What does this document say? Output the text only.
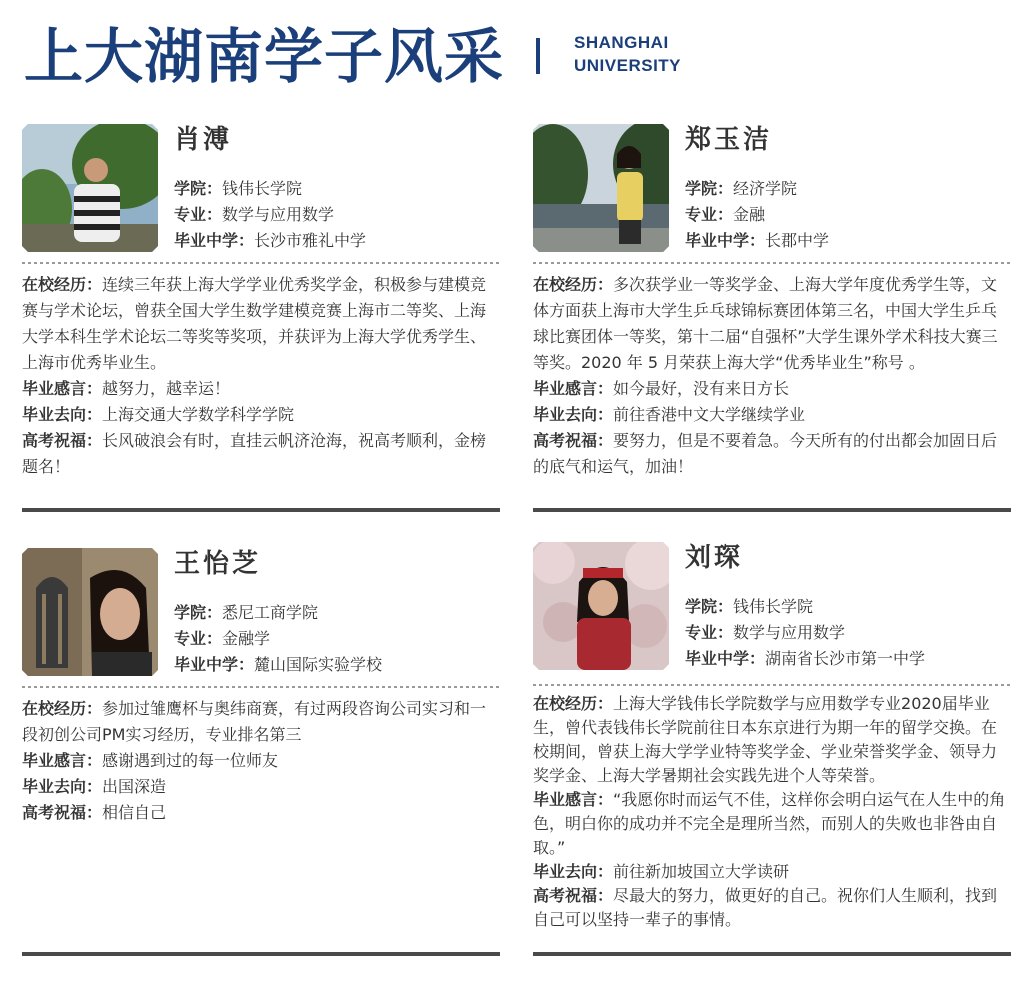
上大湖南学子风采	SHANGHAI
UNIVERSITY
肖溥
学院：钱伟长学院
专业：数学与应用数学
毕业中学：长沙市雅礼中学

在校经历：连续三年获上海大学学业优秀奖学金，积极参与建模竞赛与学术论坛，曾获全国大学生数学建模竞赛上海市二等奖、上海大学本科生学术论坛二等奖等奖项，并获评为上海大学优秀学生、上海市优秀毕业生。

毕业感言：越努力，越幸运！

毕业去向：上海交通大学数学科学学院

高考祝福：长风破浪会有时，直挂云帆济沧海，祝高考顺利，金榜题名！

郑玉洁
学院：经济学院
专业：金融
毕业中学：长郡中学

在校经历：多次获学业一等奖学金、上海大学年度优秀学生等，文体方面获上海市大学生乒乓球锦标赛团体第三名，中国大学生乒乓球比赛团体一等奖，第十二届“自强杯”大学生课外学术科技大赛三等奖。2020 年 5 月荣获上海大学“优秀毕业生”称号 。

毕业感言：如今最好，没有来日方长

毕业去向：前往香港中文大学继续学业

高考祝福：要努力，但是不要着急。今天所有的付出都会加固日后的底气和运气，加油！

王怡芝
学院：悉尼工商学院
专业：金融学
毕业中学：麓山国际实验学校

在校经历：参加过雏鹰杯与奥纬商赛，有过两段咨询公司实习和一段初创公司PM实习经历，专业排名第三

毕业感言：感谢遇到过的每一位师友

毕业去向：出国深造

高考祝福：相信自己

刘琛
学院：钱伟长学院
专业：数学与应用数学
毕业中学：湖南省长沙市第一中学

在校经历：上海大学钱伟长学院数学与应用数学专业2020届毕业生，曾代表钱伟长学院前往日本东京进行为期一年的留学交换。在校期间，曾获上海大学学业特等奖学金、学业荣誉奖学金、领导力奖学金、上海大学暑期社会实践先进个人等荣誉。

毕业感言：“我愿你时而运气不佳，这样你会明白运气在人生中的角色，明白你的成功并不完全是理所当然，而别人的失败也非咎由自取。”

毕业去向：前往新加坡国立大学读研

高考祝福：尽最大的努力，做更好的自己。祝你们人生顺利，找到自己可以坚持一辈子的事情。
